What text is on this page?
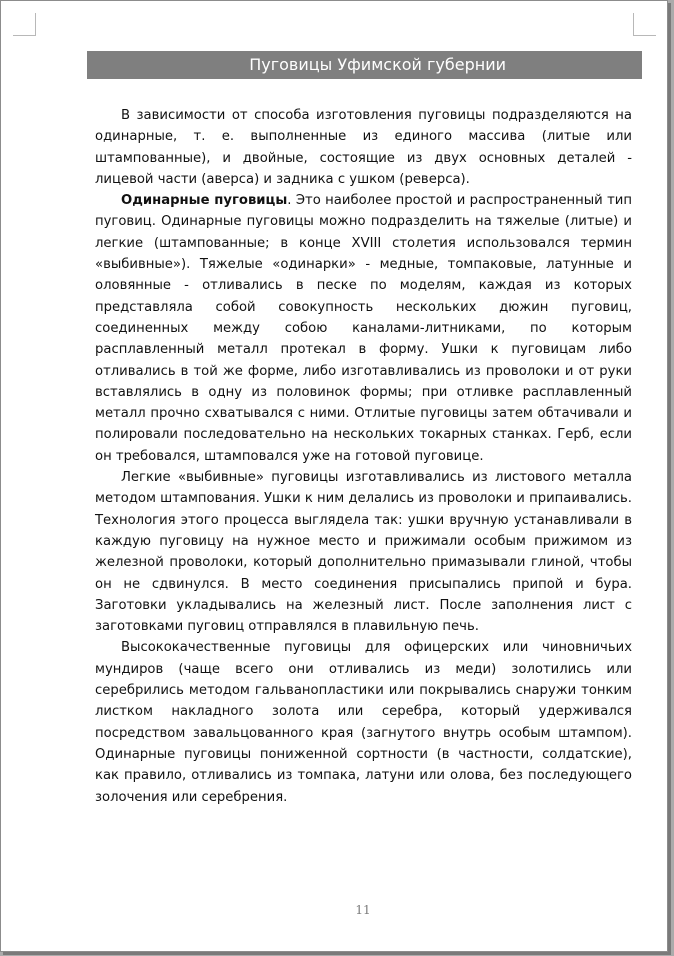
Пуговицы Уфимской губернии

В зависимости от способа изготовления пуговицы подразделяются на одинарные, т. е. выполненные из единого массива (литые или штампованные), и двойные, состоящие из двух основных деталей - лицевой части (аверса) и задника с ушком (реверса).

Одинарные пуговицы. Это наиболее простой и распространенный тип пуговиц. Одинарные пуговицы можно подразделить на тяжелые (литые) и легкие (штампованные; в конце XVIII столетия использовался термин «выбивные»). Тяжелые «одинарки» - медные, томпаковые, латунные и оловянные - отливались в песке по моделям, каждая из которых представляла собой совокупность нескольких дюжин пуговиц, соединенных между собою каналами-литниками, по которым расплавленный металл протекал в форму. Ушки к пуговицам либо отливались в той же форме, либо изготавливались из проволоки и от руки вставлялись в одну из половинок формы; при отливке расплавленный металл прочно схватывался с ними. Отлитые пуговицы затем обтачивали и полировали последовательно на нескольких токарных станках. Герб, если он требовался, штамповался уже на готовой пуговице.

Легкие «выбивные» пуговицы изготавливались из листового металла методом штампования. Ушки к ним делались из проволоки и припаивались. Технология этого процесса выглядела так: ушки вручную устанавливали в каждую пуговицу на нужное место и прижимали особым прижимом из железной проволоки, который дополнительно примазывали глиной, чтобы он не сдвинулся. В место соединения присыпались припой и бура. Заготовки укладывались на железный лист. После заполнения лист с заготовками пуговиц отправлялся в плавильную печь.

Высококачественные пуговицы для офицерских или чиновничьих мундиров (чаще всего они отливались из меди) золотились или серебрились методом гальванопластики или покрывались снаружи тонким листком накладного золота или серебра, который удерживался посредством завальцованного края (загнутого внутрь особым штампом). Одинарные пуговицы пониженной сортности (в частности, солдатские), как правило, отливались из томпака, латуни или олова, без последующего золочения или серебрения.

11
